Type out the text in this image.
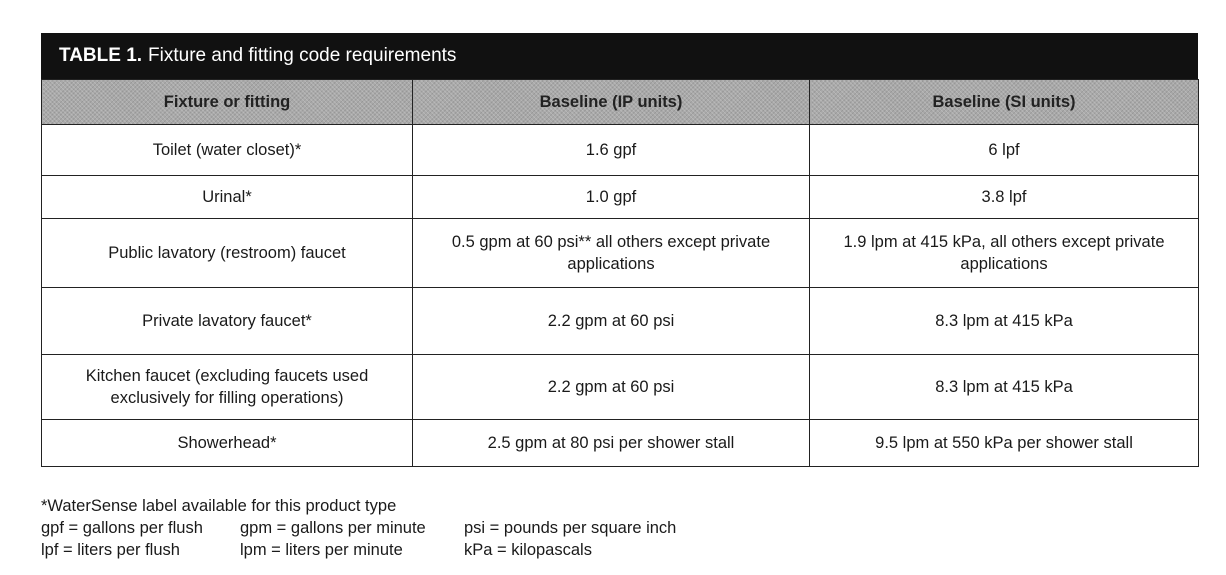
TABLE 1. Fixture and fitting code requirements
Fixture or fitting	Baseline (IP units)	Baseline (SI units)
Toilet (water closet)*	1.6 gpf	6 lpf
Urinal*	1.0 gpf	3.8 lpf
Public lavatory (restroom) faucet	0.5 gpm at 60 psi** all others except private applications	1.9 lpm at 415 kPa, all others except private applications
Private lavatory faucet*	2.2 gpm at 60 psi	8.3 lpm at 415 kPa
Kitchen faucet (excluding faucets used exclusively for filling operations)	2.2 gpm at 60 psi	8.3 lpm at 415 kPa
Showerhead*	2.5 gpm at 80 psi per shower stall	9.5 lpm at 550 kPa per shower stall
*WaterSense label available for this product type
gpf = gallons per flush	gpm = gallons per minute	psi = pounds per square inch
lpf = liters per flush	lpm = liters per minute	kPa = kilopascals
